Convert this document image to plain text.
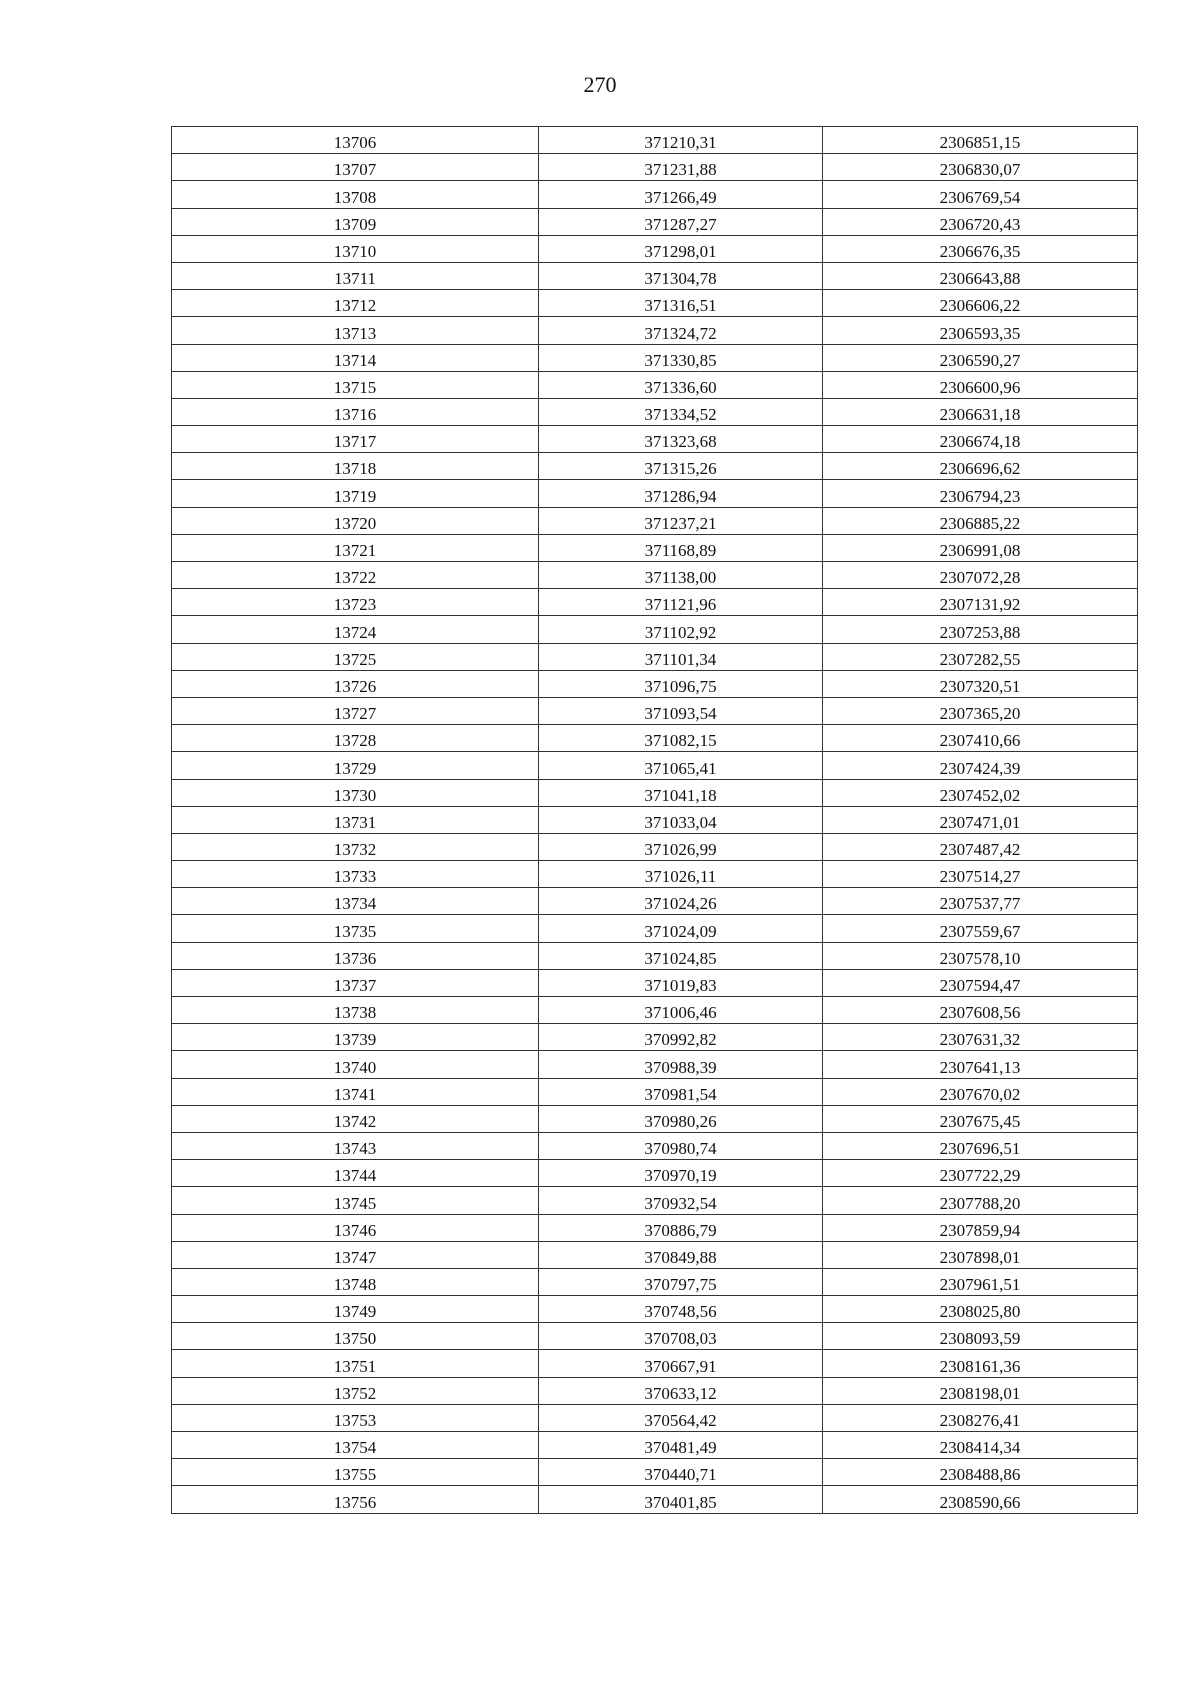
270
13706	371210,31	2306851,15
13707	371231,88	2306830,07
13708	371266,49	2306769,54
13709	371287,27	2306720,43
13710	371298,01	2306676,35
13711	371304,78	2306643,88
13712	371316,51	2306606,22
13713	371324,72	2306593,35
13714	371330,85	2306590,27
13715	371336,60	2306600,96
13716	371334,52	2306631,18
13717	371323,68	2306674,18
13718	371315,26	2306696,62
13719	371286,94	2306794,23
13720	371237,21	2306885,22
13721	371168,89	2306991,08
13722	371138,00	2307072,28
13723	371121,96	2307131,92
13724	371102,92	2307253,88
13725	371101,34	2307282,55
13726	371096,75	2307320,51
13727	371093,54	2307365,20
13728	371082,15	2307410,66
13729	371065,41	2307424,39
13730	371041,18	2307452,02
13731	371033,04	2307471,01
13732	371026,99	2307487,42
13733	371026,11	2307514,27
13734	371024,26	2307537,77
13735	371024,09	2307559,67
13736	371024,85	2307578,10
13737	371019,83	2307594,47
13738	371006,46	2307608,56
13739	370992,82	2307631,32
13740	370988,39	2307641,13
13741	370981,54	2307670,02
13742	370980,26	2307675,45
13743	370980,74	2307696,51
13744	370970,19	2307722,29
13745	370932,54	2307788,20
13746	370886,79	2307859,94
13747	370849,88	2307898,01
13748	370797,75	2307961,51
13749	370748,56	2308025,80
13750	370708,03	2308093,59
13751	370667,91	2308161,36
13752	370633,12	2308198,01
13753	370564,42	2308276,41
13754	370481,49	2308414,34
13755	370440,71	2308488,86
13756	370401,85	2308590,66
